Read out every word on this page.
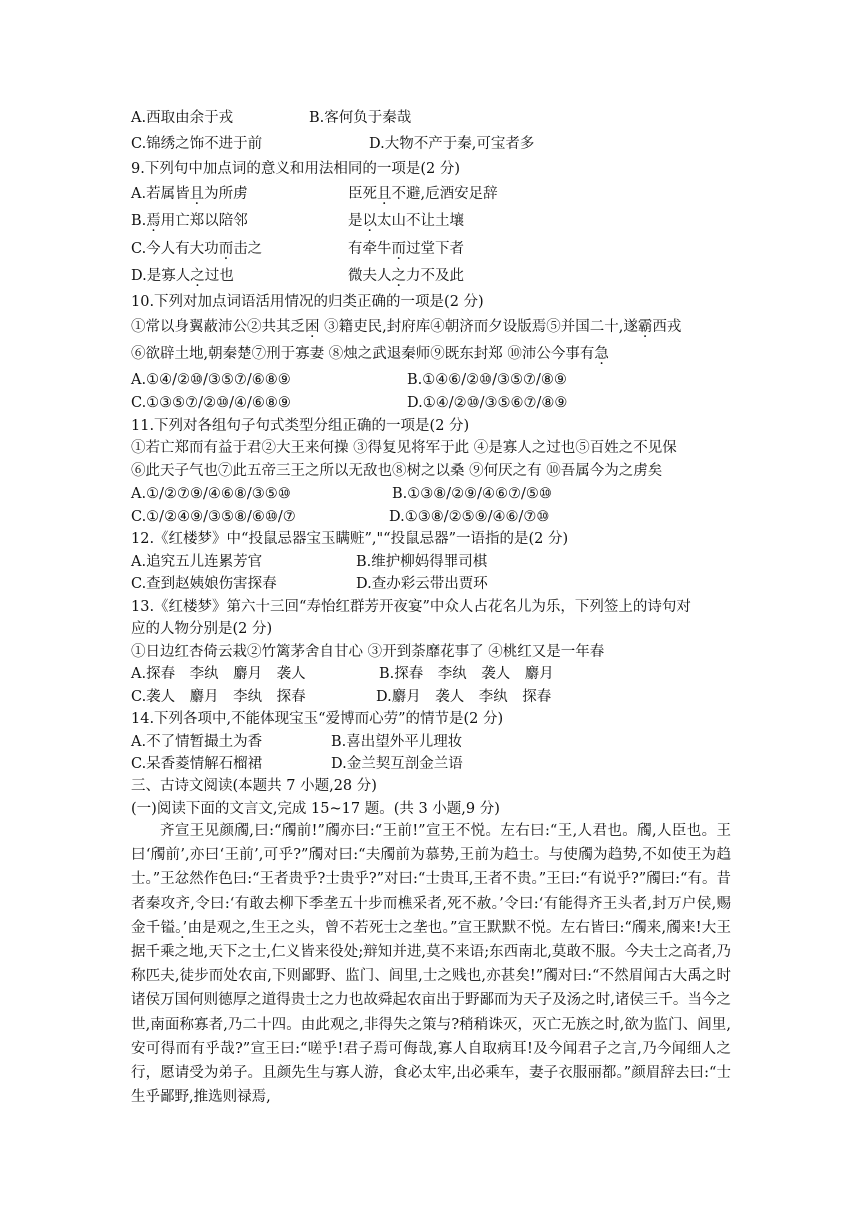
A.西取由余于戎	B.客何负于秦哉
C.锦绣之饰不进于前	D.大物不产于秦,可宝者多
9.下列句中加点词的意义和用法相同的一项是(2 分)
A.若属皆且为所虏	臣死且不避,卮酒安足辞
B.焉用亡郑以陪邻	是以太山不让土壤
C.今人有大功而击之	有牵牛而过堂下者
D.是寡人之过也	微夫人之力不及此
10.下列对加点词语活用情况的归类正确的一项是(2 分)
①常以身翼蔽沛公②共其乏困 ③籍吏民,封府库④朝济而夕设版焉⑤并国二十,遂霸西戎
⑥欲辟土地,朝秦楚⑦刑于寡妻 ⑧烛之武退秦师⑨既东封郑 ⑩沛公今事有急
A.①④/②⑩/③⑤⑦/⑥⑧⑨	B.①④⑥/②⑩/③⑤⑦/⑧⑨
C.①③⑤⑦/②⑩/④/⑥⑧⑨	D.①④/②⑩/③⑤⑥⑦/⑧⑨
11.下列对各组句子句式类型分组正确的一项是(2 分)
①若亡郑而有益于君②大王来何操 ③得复见将军于此 ④是寡人之过也⑤百姓之不见保
⑥此天子气也⑦此五帝三王之所以无敌也⑧树之以桑 ⑨何厌之有 ⑩吾属今为之虏矣
A.①/②⑦⑨/④⑥⑧/③⑤⑩	B.①③⑧/②⑨/④⑥⑦/⑤⑩
C.①/②④⑨/③⑤⑧/⑥⑩/⑦	D.①③⑧/②⑤⑨/④⑥/⑦⑩
12.《红楼梦》中“投鼠忌器宝玉瞒赃”,"“投鼠忌器”一语指的是(2 分)
A.追究五儿连累芳官	B.维护柳妈得罪司棋
C.查到赵姨娘伤害探春	D.查办彩云带出贾环
13.《红楼梦》第六十三回“寿怡红群芳开夜宴”中众人占花名儿为乐，下列签上的诗句对
应的人物分别是(2 分)
①日边红杏倚云栽②竹篱茅舍自甘心 ③开到荼靡花事了 ④桃红又是一年春
A.探春　李纨　麝月　袭人	B.探春　李纨　袭人　麝月
C.袭人　麝月　李纨　探春	D.麝月　袭人　李纨　探春
14.下列各项中,不能体现宝玉“爱博而心劳”的情节是(2 分)
A.不了情暂撮土为香	B.喜出望外平儿理妆
C.呆香菱情解石榴裙	D.金兰契互剖金兰语
三、古诗文阅读(本题共 7 小题,28 分)
(一)阅读下面的文言文,完成 15~17 题。(共 3 小题,9 分)
齐宣王见颜斶,曰:“斶前!”斶亦曰:“王前!”宣王不悦。左右曰:“王,人君也。斶,人臣也。王曰‘斶前’,亦曰‘王前’,可乎?”斶对曰:“夫斶前为慕势,王前为趋士。与使斶为趋势,不如使王为趋士。”王忿然作色曰:“王者贵乎?士贵乎?”对曰:“士贵耳,王者不贵。”王曰:“有说乎?”斶曰:“有。昔者秦攻齐,令曰:‘有敢去柳下季垄五十步而樵采者,死不赦。’令曰:‘有能得齐王头者,封万户侯,赐金千镒。’由是观之,生王之头，曾不若死士之垄也。”宣王默默不悦。左右皆曰:“斶来,斶来!大王据千乘之地,天下之士,仁义皆来役处;辩知并进,莫不来语;东西南北,莫敢不服。今夫士之高者,乃称匹夫,徒步而处农亩,下则鄙野、监门、闾里,士之贱也,亦甚矣!”斶对曰:“不然眉闻古大禹之时诸侯万国何则德厚之道得贵士之力也故舜起农亩出于野鄙而为天子及汤之时,诸侯三千。当今之世,南面称寡者,乃二十四。由此观之,非得失之策与?稍稍诛灭，灭亡无族之时,欲为监门、闾里,安可得而有乎哉?”宣王曰:“嗟乎!君子焉可侮哉,寡人自取病耳!及今闻君子之言,乃今闻细人之行，愿请受为弟子。且颜先生与寡人游，食必太牢,出必乘车，妻子衣服丽都。”颜眉辞去曰:“士生乎鄙野,推选则禄焉,
